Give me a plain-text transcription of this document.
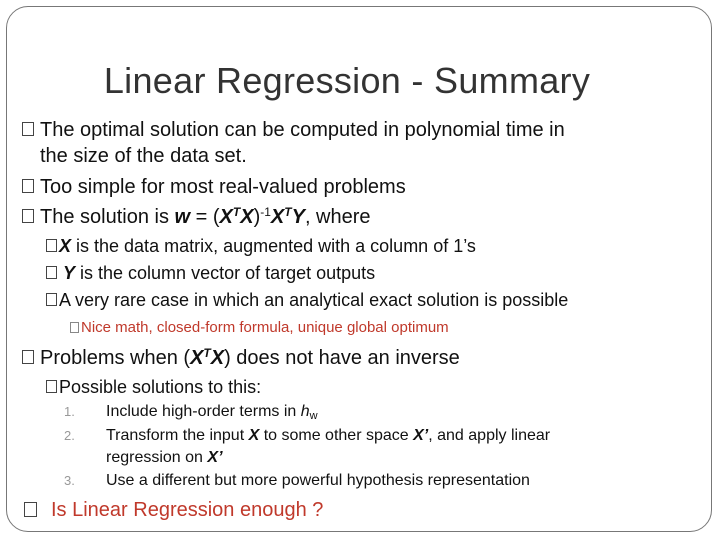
Linear Regression - Summary
The optimal solution can be computed in polynomial time in
the size of the data set.
Too simple for most real-valued problems
The solution is $w = (X^TX)^{-1}X^TY$, where
X is the data matrix, augmented with a column of 1’s
Y is the column vector of target outputs
A very rare case in which an analytical exact solution is possible
Nice math, closed-form formula, unique global optimum
Problems when $(X^TX)$ does not have an inverse
Possible solutions to this:
1. Include high-order terms in $h_w$
2. Transform the input X to some other space X’, and apply linear
regression on X’
3. Use a different but more powerful hypothesis representation
Is Linear Regression enough ?
